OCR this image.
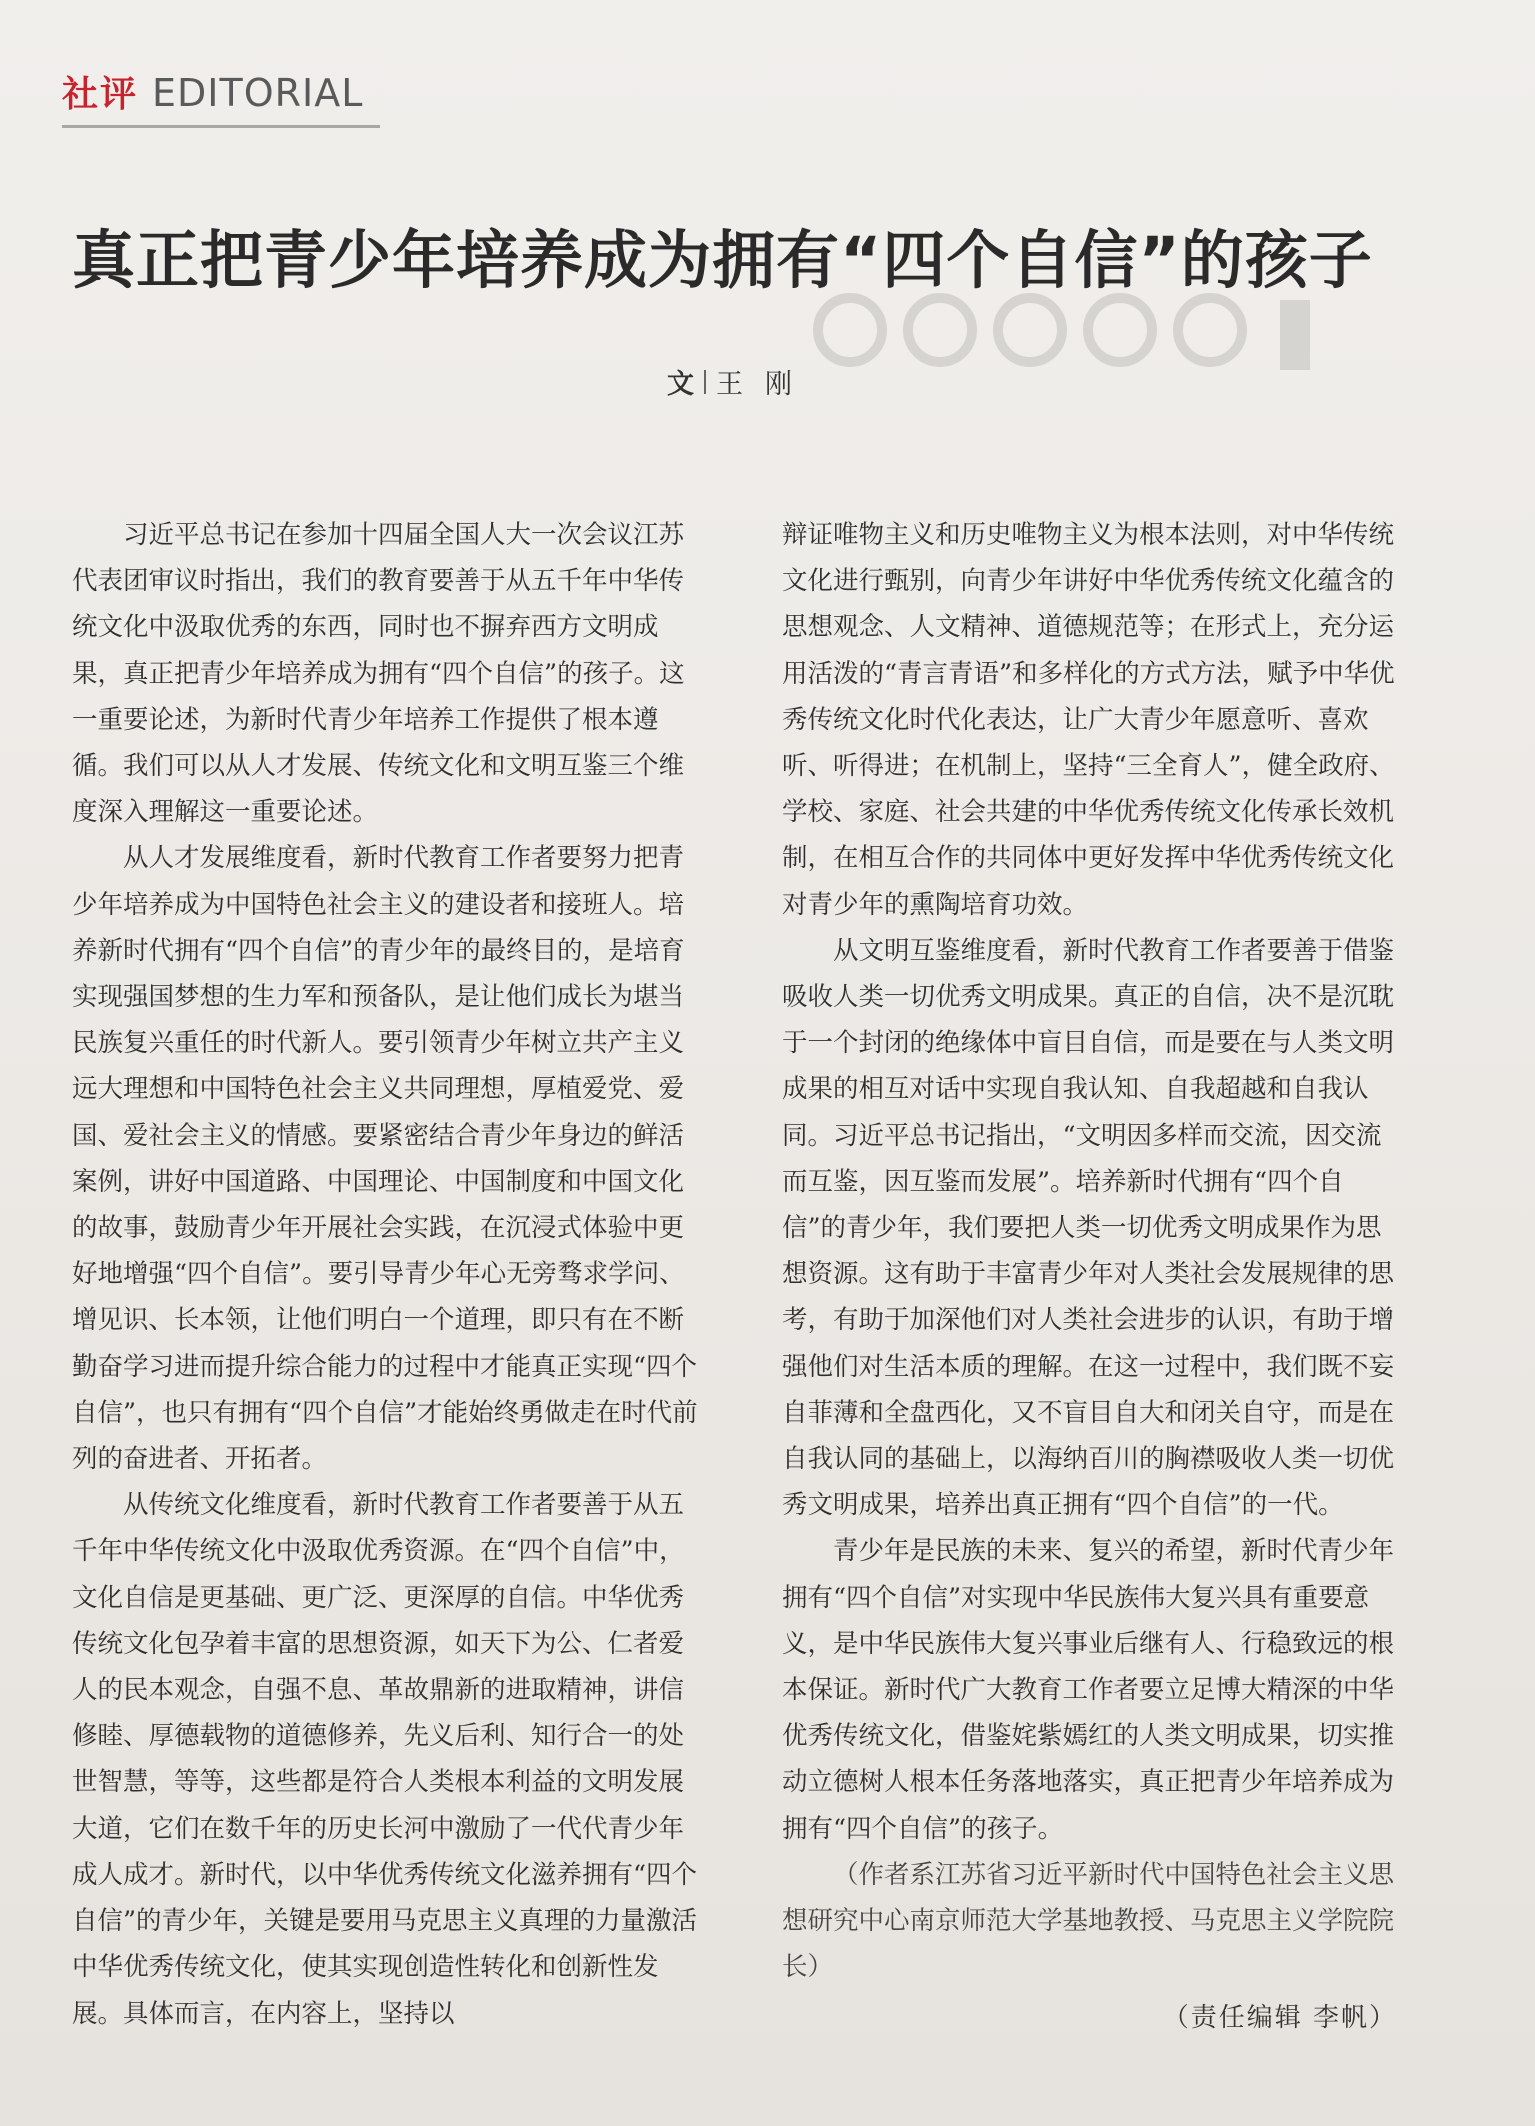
社评 EDITORIAL
真正把青少年培养成为拥有“四个自信”的孩子
文 王刚

习近平总书记在参加十四届全国人大一次会议江苏代表团审议时指出，我们的教育要善于从五千年中华传统文化中汲取优秀的东西，同时也不摒弃西方文明成果，真正把青少年培养成为拥有“四个自信”的孩子。这一重要论述，为新时代青少年培养工作提供了根本遵循。我们可以从人才发展、传统文化和文明互鉴三个维度深入理解这一重要论述。

从人才发展维度看，新时代教育工作者要努力把青少年培养成为中国特色社会主义的建设者和接班人。培养新时代拥有“四个自信”的青少年的最终目的，是培育实现强国梦想的生力军和预备队，是让他们成长为堪当民族复兴重任的时代新人。要引领青少年树立共产主义远大理想和中国特色社会主义共同理想，厚植爱党、爱国、爱社会主义的情感。要紧密结合青少年身边的鲜活案例，讲好中国道路、中国理论、中国制度和中国文化的故事，鼓励青少年开展社会实践，在沉浸式体验中更好地增强“四个自信”。要引导青少年心无旁骛求学问、增见识、长本领，让他们明白一个道理，即只有在不断勤奋学习进而提升综合能力的过程中才能真正实现“四个自信”，也只有拥有“四个自信”才能始终勇做走在时代前列的奋进者、开拓者。

从传统文化维度看，新时代教育工作者要善于从五千年中华传统文化中汲取优秀资源。在“四个自信”中，文化自信是更基础、更广泛、更深厚的自信。中华优秀传统文化包孕着丰富的思想资源，如天下为公、仁者爱人的民本观念，自强不息、革故鼎新的进取精神，讲信修睦、厚德载物的道德修养，先义后利、知行合一的处世智慧，等等，这些都是符合人类根本利益的文明发展大道，它们在数千年的历史长河中激励了一代代青少年成人成才。新时代，以中华优秀传统文化滋养拥有“四个自信”的青少年，关键是要用马克思主义真理的力量激活中华优秀传统文化，使其实现创造性转化和创新性发展。具体而言，在内容上，坚持以

辩证唯物主义和历史唯物主义为根本法则，对中华传统文化进行甄别，向青少年讲好中华优秀传统文化蕴含的思想观念、人文精神、道德规范等；在形式上，充分运用活泼的“青言青语”和多样化的方式方法，赋予中华优秀传统文化时代化表达，让广大青少年愿意听、喜欢听、听得进；在机制上，坚持“三全育人”，健全政府、学校、家庭、社会共建的中华优秀传统文化传承长效机制，在相互合作的共同体中更好发挥中华优秀传统文化对青少年的熏陶培育功效。

从文明互鉴维度看，新时代教育工作者要善于借鉴吸收人类一切优秀文明成果。真正的自信，决不是沉耽于一个封闭的绝缘体中盲目自信，而是要在与人类文明成果的相互对话中实现自我认知、自我超越和自我认同。习近平总书记指出，“文明因多样而交流，因交流而互鉴，因互鉴而发展”。培养新时代拥有“四个自信”的青少年，我们要把人类一切优秀文明成果作为思想资源。这有助于丰富青少年对人类社会发展规律的思考，有助于加深他们对人类社会进步的认识，有助于增强他们对生活本质的理解。在这一过程中，我们既不妄自菲薄和全盘西化，又不盲目自大和闭关自守，而是在自我认同的基础上，以海纳百川的胸襟吸收人类一切优秀文明成果，培养出真正拥有“四个自信”的一代。

青少年是民族的未来、复兴的希望，新时代青少年拥有“四个自信”对实现中华民族伟大复兴具有重要意义，是中华民族伟大复兴事业后继有人、行稳致远的根本保证。新时代广大教育工作者要立足博大精深的中华优秀传统文化，借鉴姹紫嫣红的人类文明成果，切实推动立德树人根本任务落地落实，真正把青少年培养成为拥有“四个自信”的孩子。

（作者系江苏省习近平新时代中国特色社会主义思想研究中心南京师范大学基地教授、马克思主义学院院长）

（责任编辑 李帆）
